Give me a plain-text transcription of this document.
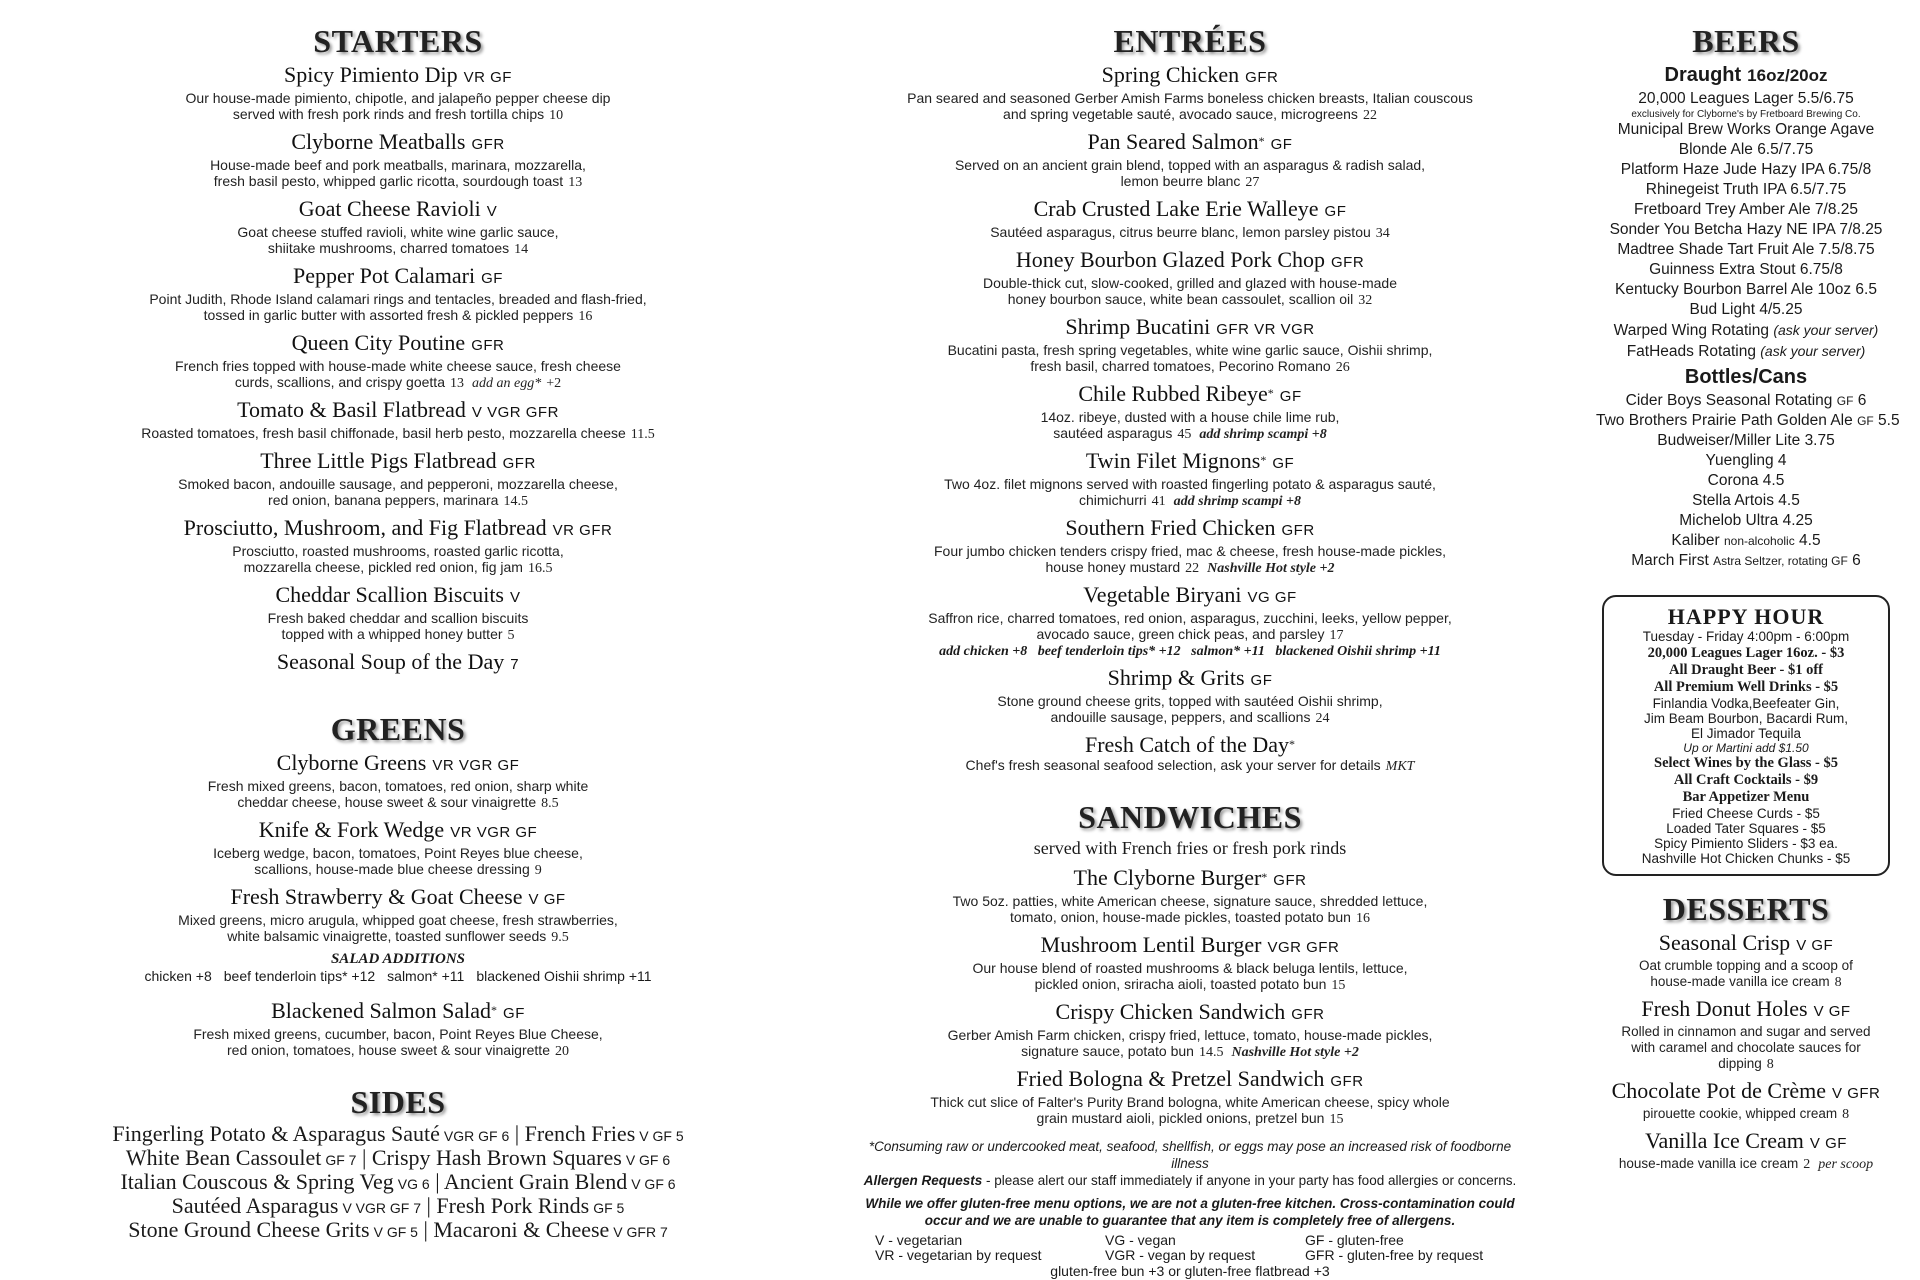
STARTERS
Spicy Pimiento Dip VR GF
Our house-made pimiento, chipotle, and jalapeño pepper cheese dip
served with fresh pork rinds and fresh tortilla chips 10
Clyborne Meatballs GFR
House-made beef and pork meatballs, marinara, mozzarella,
fresh basil pesto, whipped garlic ricotta, sourdough toast 13
Goat Cheese Ravioli V
Goat cheese stuffed ravioli, white wine garlic sauce,
shiitake mushrooms, charred tomatoes 14
Pepper Pot Calamari GF
Point Judith, Rhode Island calamari rings and tentacles, breaded and flash-fried,
tossed in garlic butter with assorted fresh & pickled peppers 16
Queen City Poutine GFR
French fries topped with house-made white cheese sauce, fresh cheese
curds, scallions, and crispy goetta 13 add an egg* +2
Tomato & Basil Flatbread V VGR GFR
Roasted tomatoes, fresh basil chiffonade, basil herb pesto, mozzarella cheese 11.5
Three Little Pigs Flatbread GFR
Smoked bacon, andouille sausage, and pepperoni, mozzarella cheese,
red onion, banana peppers, marinara 14.5
Prosciutto, Mushroom, and Fig Flatbread VR GFR
Prosciutto, roasted mushrooms, roasted garlic ricotta,
mozzarella cheese, pickled red onion, fig jam 16.5
Cheddar Scallion Biscuits V
Fresh baked cheddar and scallion biscuits
topped with a whipped honey butter 5
Seasonal Soup of the Day 7
GREENS
Clyborne Greens VR VGR GF
Fresh mixed greens, bacon, tomatoes, red onion, sharp white
cheddar cheese, house sweet & sour vinaigrette 8.5
Knife & Fork Wedge VR VGR GF
Iceberg wedge, bacon, tomatoes, Point Reyes blue cheese,
scallions, house-made blue cheese dressing 9
Fresh Strawberry & Goat Cheese V GF
Mixed greens, micro arugula, whipped goat cheese, fresh strawberries,
white balsamic vinaigrette, toasted sunflower seeds 9.5
SALAD ADDITIONS
chicken +8 beef tenderloin tips* +12 salmon* +11 blackened Oishii shrimp +11
Blackened Salmon Salad* GF
Fresh mixed greens, cucumber, bacon, Point Reyes Blue Cheese,
red onion, tomatoes, house sweet & sour vinaigrette 20
SIDES
Fingerling Potato & Asparagus Sauté VGR GF 6 | French Fries V GF 5
White Bean Cassoulet GF 7 | Crispy Hash Brown Squares V GF 6
Italian Couscous & Spring Veg VG 6 | Ancient Grain Blend V GF 6
Sautéed Asparagus V VGR GF 7 | Fresh Pork Rinds GF 5
Stone Ground Cheese Grits V GF 5 | Macaroni & Cheese V GFR 7
ENTRÉES
Spring Chicken GFR
Pan seared and seasoned Gerber Amish Farms boneless chicken breasts, Italian couscous
and spring vegetable sauté, avocado sauce, microgreens 22
Pan Seared Salmon* GF
Served on an ancient grain blend, topped with an asparagus & radish salad,
lemon beurre blanc 27
Crab Crusted Lake Erie Walleye GF
Sautéed asparagus, citrus beurre blanc, lemon parsley pistou 34
Honey Bourbon Glazed Pork Chop GFR
Double-thick cut, slow-cooked, grilled and glazed with house-made
honey bourbon sauce, white bean cassoulet, scallion oil 32
Shrimp Bucatini GFR VR VGR
Bucatini pasta, fresh spring vegetables, white wine garlic sauce, Oishii shrimp,
fresh basil, charred tomatoes, Pecorino Romano 26
Chile Rubbed Ribeye* GF
14oz. ribeye, dusted with a house chile lime rub,
sautéed asparagus 45 add shrimp scampi +8
Twin Filet Mignons* GF
Two 4oz. filet mignons served with roasted fingerling potato & asparagus sauté,
chimichurri 41 add shrimp scampi +8
Southern Fried Chicken GFR
Four jumbo chicken tenders crispy fried, mac & cheese, fresh house-made pickles,
house honey mustard 22 Nashville Hot style +2
Vegetable Biryani VG GF
Saffron rice, charred tomatoes, red onion, asparagus, zucchini, leeks, yellow pepper,
avocado sauce, green chick peas, and parsley 17
add chicken +8   beef tenderloin tips* +12   salmon* +11   blackened Oishii shrimp +11
Shrimp & Grits GF
Stone ground cheese grits, topped with sautéed Oishii shrimp,
andouille sausage, peppers, and scallions 24
Fresh Catch of the Day*
Chef's fresh seasonal seafood selection, ask your server for details MKT
SANDWICHES
served with French fries or fresh pork rinds
The Clyborne Burger* GFR
Two 5oz. patties, white American cheese, signature sauce, shredded lettuce,
tomato, onion, house-made pickles, toasted potato bun 16
Mushroom Lentil Burger VGR GFR
Our house blend of roasted mushrooms & black beluga lentils, lettuce,
pickled onion, sriracha aioli, toasted potato bun 15
Crispy Chicken Sandwich GFR
Gerber Amish Farm chicken, crispy fried, lettuce, tomato, house-made pickles,
signature sauce, potato bun 14.5 Nashville Hot style +2
Fried Bologna & Pretzel Sandwich GFR
Thick cut slice of Falter's Purity Brand bologna, white American cheese, spicy whole
grain mustard aioli, pickled onions, pretzel bun 15
*Consuming raw or undercooked meat, seafood, shellfish, or eggs may pose an increased risk of foodborne illness
Allergen Requests - please alert our staff immediately if anyone in your party has food allergies or concerns.
While we offer gluten-free menu options, we are not a gluten-free kitchen. Cross-contamination could
occur and we are unable to guarantee that any item is completely free of allergens.
V - vegetarian	VG - vegan	GF - gluten-free
VR - vegetarian by request	VGR - vegan by request	GFR - gluten-free by request
gluten-free bun +3 or gluten-free flatbread +3
BEERS
Draught 16oz/20oz
20,000 Leagues Lager 5.5/6.75
exclusively for Clyborne's by Fretboard Brewing Co.
Municipal Brew Works Orange Agave
Blonde Ale 6.5/7.75
Platform Haze Jude Hazy IPA 6.75/8
Rhinegeist Truth IPA 6.5/7.75
Fretboard Trey Amber Ale 7/8.25
Sonder You Betcha Hazy NE IPA 7/8.25
Madtree Shade Tart Fruit Ale 7.5/8.75
Guinness Extra Stout 6.75/8
Kentucky Bourbon Barrel Ale 10oz 6.5
Bud Light 4/5.25
Warped Wing Rotating (ask your server)
FatHeads Rotating (ask your server)
Bottles/Cans
Cider Boys Seasonal Rotating GF 6
Two Brothers Prairie Path Golden Ale GF 5.5
Budweiser/Miller Lite 3.75
Yuengling 4
Corona 4.5
Stella Artois 4.5
Michelob Ultra 4.25
Kaliber non-alcoholic 4.5
March First Astra Seltzer, rotating GF 6
HAPPY HOUR
Tuesday - Friday 4:00pm - 6:00pm
20,000 Leagues Lager 16oz. - $3
All Draught Beer - $1 off
All Premium Well Drinks - $5
Finlandia Vodka,Beefeater Gin,
Jim Beam Bourbon, Bacardi Rum,
El Jimador Tequila
Up or Martini add $1.50
Select Wines by the Glass - $5
All Craft Cocktails - $9
Bar Appetizer Menu
Fried Cheese Curds - $5
Loaded Tater Squares - $5
Spicy Pimiento Sliders - $3 ea.
Nashville Hot Chicken Chunks - $5
DESSERTS
Seasonal Crisp V GF
Oat crumble topping and a scoop of
house-made vanilla ice cream 8
Fresh Donut Holes V GF
Rolled in cinnamon and sugar and served
with caramel and chocolate sauces for
dipping 8
Chocolate Pot de Crème V GFR
pirouette cookie, whipped cream 8
Vanilla Ice Cream V GF
house-made vanilla ice cream 2 per scoop
